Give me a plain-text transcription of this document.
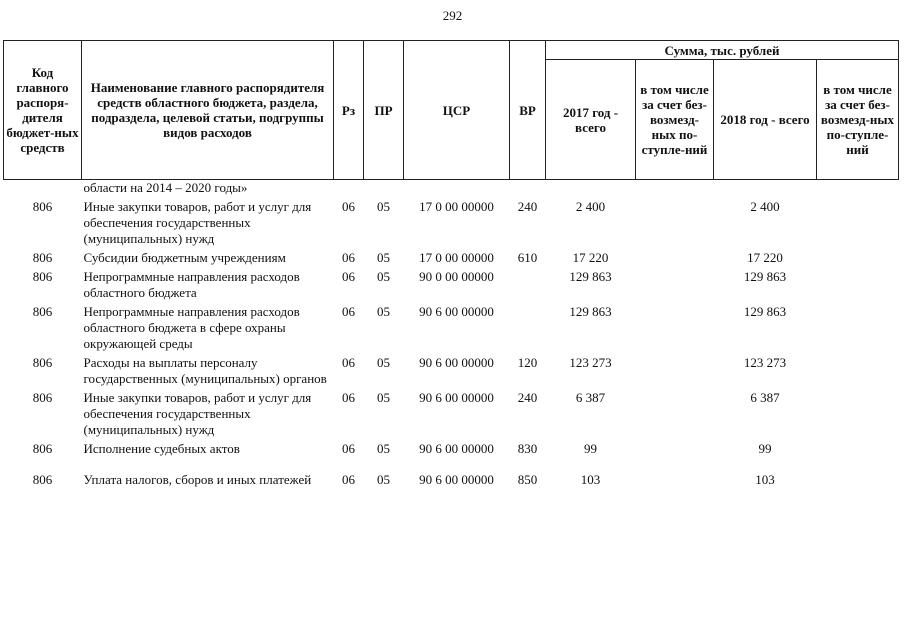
292
Код главного распоря-дителя бюджет-ных средств	Наименование главного распорядителя средств областного бюджета, раздела, подраздела, целевой статьи, подгруппы видов расходов	Рз	ПР	ЦСР	ВР	Сумма, тыс. рублей			
						2017 год - всего	в том числе за счет без-возмезд-ных по-ступле-ний	2018 год - всего	в том числе за счет без-возмезд-ных по-ступле-ний
	области на 2014 – 2020 годы»								
806	Иные закупки товаров, работ и услуг для обеспечения государственных (муниципальных) нужд	06	05	17 0 00 00000	240	2 400		2 400	
806	Субсидии бюджетным учреждениям	06	05	17 0 00 00000	610	17 220		17 220	
806	Непрограммные направления расходов областного бюджета	06	05	90 0 00 00000		129 863		129 863	
806	Непрограммные направления расходов областного бюджета в сфере охраны окружающей среды	06	05	90 6 00 00000		129 863		129 863	
806	Расходы на выплаты персоналу государственных (муниципальных) органов	06	05	90 6 00 00000	120	123 273		123 273	
806	Иные закупки товаров, работ и услуг для обеспечения государственных (муниципальных) нужд	06	05	90 6 00 00000	240	6 387		6 387	
806	Исполнение судебных актов	06	05	90 6 00 00000	830	99		99	
806	Уплата налогов, сборов и иных платежей	06	05	90 6 00 00000	850	103		103	
